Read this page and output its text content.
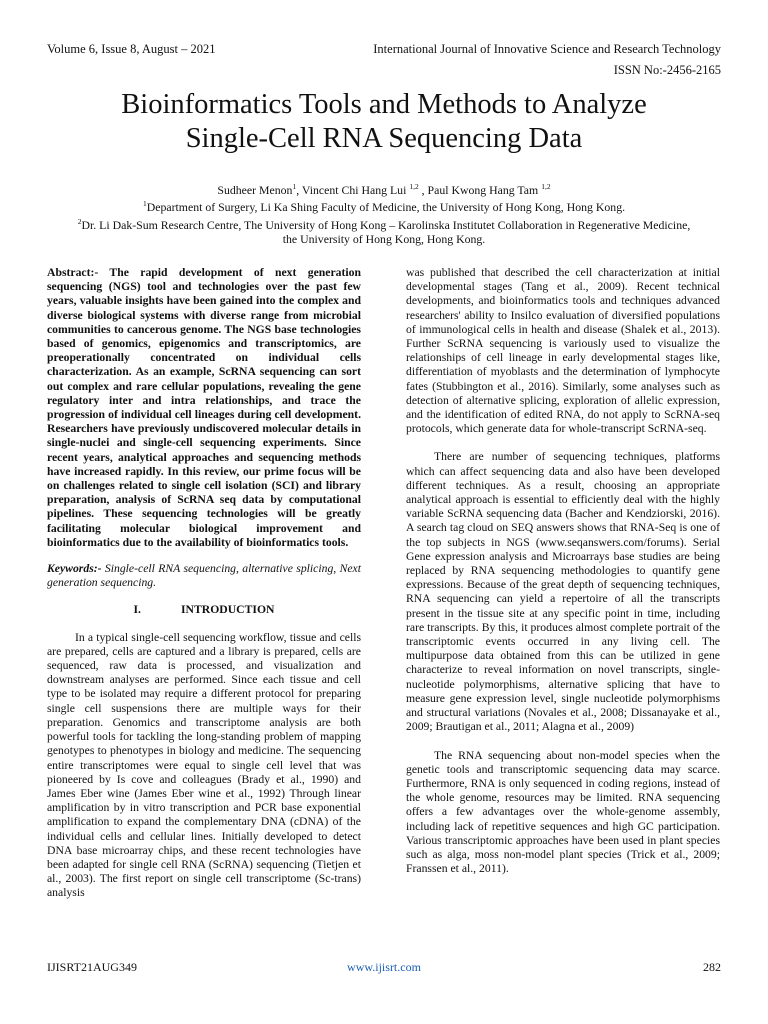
Volume 6, Issue 8, August – 2021	International Journal of Innovative Science and Research Technology
ISSN No:-2456-2165
Bioinformatics Tools and Methods to Analyze
Single-Cell RNA Sequencing Data
Sudheer Menon$^1$, Vincent Chi Hang Lui $^{1,2}$ , Paul Kwong Hang Tam $^{1,2}$
$^1$Department of Surgery, Li Ka Shing Faculty of Medicine, the University of Hong Kong, Hong Kong.
$^2$Dr. Li Dak-Sum Research Centre, The University of Hong Kong – Karolinska Institutet Collaboration in Regenerative Medicine,
the University of Hong Kong, Hong Kong.

Abstract:- The rapid development of next generation sequencing (NGS) tool and technologies over the past few years, valuable insights have been gained into the complex and diverse biological systems with diverse range from microbial communities to cancerous genome. The NGS base technologies based of genomics, epigenomics and transcriptomics, are preoperationally concentrated on individual cells characterization. As an example, ScRNA sequencing can sort out complex and rare cellular populations, revealing the gene regulatory inter and intra relationships, and trace the progression of individual cell lineages during cell development. Researchers have previously undiscovered molecular details in single-nuclei and single-cell sequencing experiments. Since recent years, analytical approaches and sequencing methods have increased rapidly. In this review, our prime focus will be on challenges related to single cell isolation (SCI) and library preparation, analysis of ScRNA seq data by computational pipelines. These sequencing technologies will be greatly facilitating molecular biological improvement and bioinformatics due to the availability of bioinformatics tools.

Keywords:- Single-cell RNA sequencing, alternative splicing, Next generation sequencing.

I.	INTRODUCTION

In a typical single-cell sequencing workflow, tissue and cells are prepared, cells are captured and a library is prepared, cells are sequenced, raw data is processed, and visualization and downstream analyses are performed. Since each tissue and cell type to be isolated may require a different protocol for preparing single cell suspensions there are multiple ways for their preparation. Genomics and transcriptome analysis are both powerful tools for tackling the long-standing problem of mapping genotypes to phenotypes in biology and medicine. The sequencing entire transcriptomes were equal to single cell level that was pioneered by Is cove and colleagues (Brady et al., 1990) and James Eber wine (James Eber wine et al., 1992) Through linear amplification by in vitro transcription and PCR base exponential amplification to expand the complementary DNA (cDNA) of the individual cells and cellular lines. Initially developed to detect DNA base microarray chips, and these recent technologies have been adapted for single cell RNA (ScRNA) sequencing (Tietjen et al., 2003). The first report on single cell transcriptome (Sc-trans) analysis

was published that described the cell characterization at initial developmental stages (Tang et al., 2009). Recent technical developments, and bioinformatics tools and techniques advanced researchers' ability to Insilco evaluation of diversified populations of immunological cells in health and disease (Shalek et al., 2013). Further ScRNA sequencing is variously used to visualize the relationships of cell lineage in early developmental stages like, differentiation of myoblasts and the determination of lymphocyte fates (Stubbington et al., 2016). Similarly, some analyses such as detection of alternative splicing, exploration of allelic expression, and the identification of edited RNA, do not apply to ScRNA-seq protocols, which generate data for whole-transcript ScRNA-seq.

There are number of sequencing techniques, platforms which can affect sequencing data and also have been developed different techniques. As a result, choosing an appropriate analytical approach is essential to efficiently deal with the highly variable ScRNA sequencing data (Bacher and Kendziorski, 2016). A search tag cloud on SEQ answers shows that RNA-Seq is one of the top subjects in NGS (www.seqanswers.com/forums). Serial Gene expression analysis and Microarrays base studies are being replaced by RNA sequencing methodologies to quantify gene expressions. Because of the great depth of sequencing techniques, RNA sequencing can yield a repertoire of all the transcripts present in the tissue site at any specific point in time, including rare transcripts. By this, it produces almost complete portrait of the transcriptomic events occurred in any living cell. The multipurpose data obtained from this can be utilized in gene characterize to reveal information on novel transcripts, single-nucleotide polymorphisms, alternative splicing that have to measure gene expression level, single nucleotide polymorphisms and structural variations (Novales et al., 2008; Dissanayake et al., 2009; Brautigan et al., 2011; Alagna et al., 2009)

The RNA sequencing about non-model species when the genetic tools and transcriptomic sequencing data may scarce. Furthermore, RNA is only sequenced in coding regions, instead of the whole genome, resources may be limited. RNA sequencing offers a few advantages over the whole-genome assembly, including lack of repetitive sequences and high GC participation. Various transcriptomic approaches have been used in plant species such as alga, moss non-model plant species (Trick et al., 2009; Franssen et al., 2011).

IJISRT21AUG349	www.ijisrt.com	282
